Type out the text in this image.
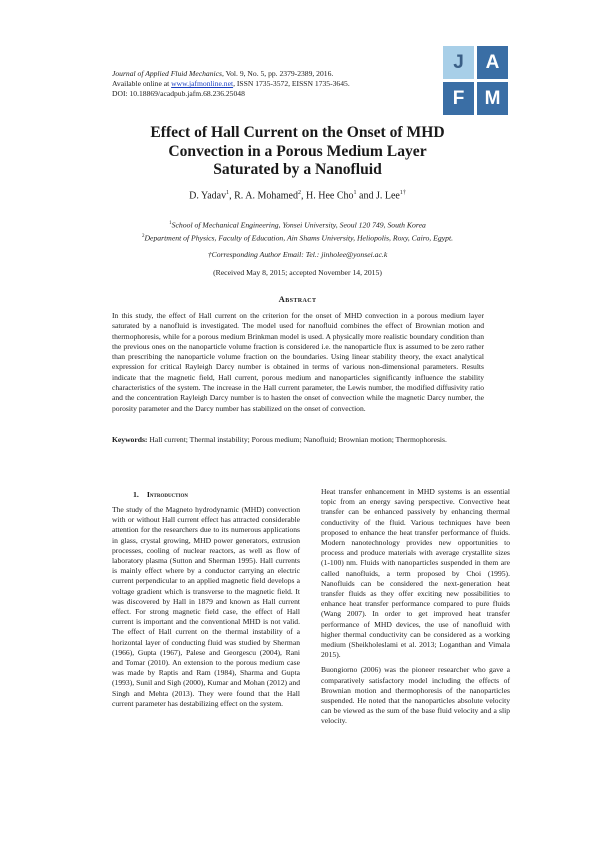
Journal of Applied Fluid Mechanics, Vol. 9, No. 5, pp. 2379-2389, 2016.
Available online at www.jafmonline.net, ISSN 1735-3572, EISSN 1735-3645.
DOI: 10.18869/acadpub.jafm.68.236.25048
J	A
F	M
Effect of Hall Current on the Onset of MHD
Convection in a Porous Medium Layer
Saturated by a Nanofluid
D. Yadav$^1$, R. A. Mohamed$^2$, H. Hee Cho$^1$ and J. Lee$^{1\dagger}$
$^1$School of Mechanical Engineering, Yonsei University, Seoul 120 749, South Korea
$^2$Department of Physics, Faculty of Education, Ain Shams University, Heliopolis, Roxy, Cairo, Egypt.
†Corresponding Author Email: Tel.: jinholee@yonsei.ac.k
(Received May 8, 2015; accepted November 14, 2015)
Abstract
In this study, the effect of Hall current on the criterion for the onset of MHD convection in a porous medium layer saturated by a nanofluid is investigated. The model used for nanofluid combines the effect of Brownian motion and thermophoresis, while for a porous medium Brinkman model is used. A physically more realistic boundary condition than the previous ones on the nanoparticle volume fraction is considered i.e. the nanoparticle flux is assumed to be zero rather than prescribing the nanoparticle volume fraction on the boundaries. Using linear stability theory, the exact analytical expression for critical Rayleigh Darcy number is obtained in terms of various non-dimensional parameters. Results indicate that the magnetic field, Hall current, porous medium and nanoparticles significantly influence the stability characteristics of the system. The increase in the Hall current parameter, the Lewis number, the modified diffusivity ratio and the concentration Rayleigh Darcy number is to hasten the onset of convection while the magnetic Darcy number, the porosity parameter and the Darcy number has stabilized on the onset of convection.
Keywords: Hall current; Thermal instability; Porous medium; Nanofluid; Brownian motion; Thermophoresis.
1. Introduction

The study of the Magneto hydrodynamic (MHD) convection with or without Hall current effect has attracted considerable attention for the researchers due to its numerous applications in glass, crystal growing, MHD power generators, extrusion processes, cooling of nuclear reactors, as well as flow of laboratory plasma (Sutton and Sherman 1995). Hall currents is mainly effect where by a conductor carrying an electric current perpendicular to an applied magnetic field develops a voltage gradient which is transverse to the magnetic field. It was discovered by Hall in 1879 and known as Hall current effect. For strong magnetic field case, the effect of Hall current is important and the conventional MHD is not valid. The effect of Hall current on the thermal instability of a horizontal layer of conducting fluid was studied by Sherman (1966), Gupta (1967), Palese and Georgescu (2004), Rani and Tomar (2010). An extension to the porous medium case was made by Raptis and Ram (1984), Sharma and Gupta (1993), Sunil and Sigh (2000), Kumar and Mohan (2012) and Singh and Mehta (2013). They were found that the Hall current parameter has destabilizing effect on the system.

Heat transfer enhancement in MHD systems is an essential topic from an energy saving perspective. Convective heat transfer can be enhanced passively by enhancing thermal conductivity of the fluid. Various techniques have been proposed to enhance the heat transfer performance of fluids. Modern nanotechnology provides new opportunities to process and produce materials with average crystallite sizes (1-100) nm. Fluids with nanoparticles suspended in them are called nanofluids, a term proposed by Choi (1995). Nanofluids can be considered the next-generation heat transfer fluids as they offer exciting new possibilities to enhance heat transfer performance compared to pure fluids (Wang 2007). In order to get improved heat transfer performance of MHD devices, the use of nanofluid with higher thermal conductivity can be considered as a working medium (Sheikholeslami et al. 2013; Loganthan and Vimala 2015).

Buongiorno (2006) was the pioneer researcher who gave a comparatively satisfactory model including the effects of Brownian motion and thermophoresis of the nanoparticles suspended. He noted that the nanoparticles absolute velocity can be viewed as the sum of the base fluid velocity and a slip velocity.
